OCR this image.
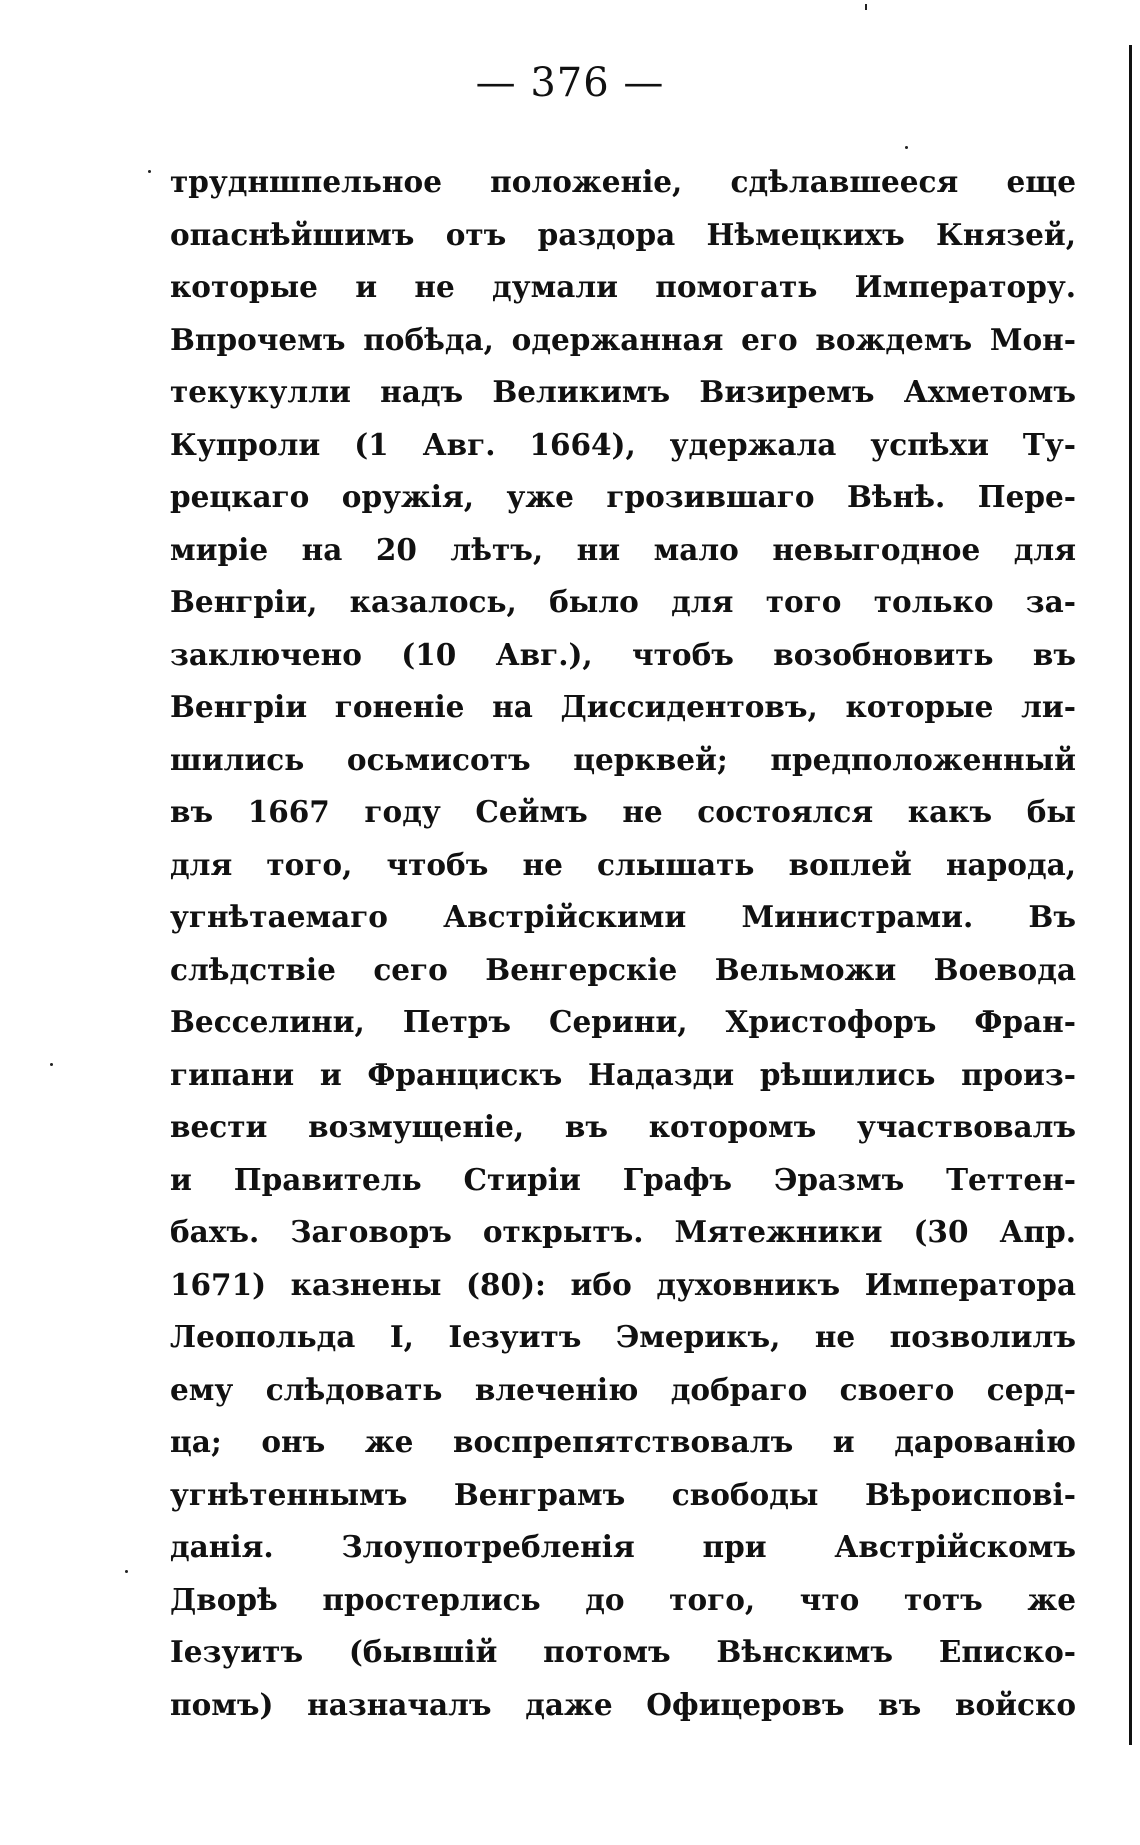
— 376 —
трудншпельное положеніе, сдѣлавшееся еще
опаснѣйшимъ отъ раздора Нѣмецкихъ Князей,
которые и не думали помогать Императору.
Впрочемъ побѣда, одержанная его вождемъ Мон-
текукулли надъ Великимъ Визиремъ Ахметомъ
Купроли (1 Авг. 1664), удержала успѣхи Ту-
рецкаго оружія, уже грозившаго Вѣнѣ. Пере-
миріе на 20 лѣтъ, ни мало невыгодное для
Венгріи, казалось, было для того только за-
заключено (10 Авг.), чтобъ возобновить въ
Венгріи гоненіе на Диссидентовъ, которые ли-
шились осьмисотъ церквей; предположенный
въ 1667 году Сеймъ не состоялся какъ бы
для того, чтобъ не слышать воплей народа,
угнѣтаемаго Австрійскими Министрами. Въ
слѣдствіе сего Венгерскіе Вельможи Воевода
Весселини, Петръ Серини, Христофоръ Фран-
гипани и Францискъ Надазди рѣшились произ-
вести возмущеніе, въ которомъ участвовалъ
и Правитель Стиріи Графъ Эразмъ Теттен-
бахъ. Заговоръ открытъ. Мятежники (30 Апр.
1671) казнены (80): ибо духовникъ Императора
Леопольда I, Іезуитъ Эмерикъ, не позволилъ
ему слѣдовать влеченію добраго своего серд-
ца; онъ же воспрепятствовалъ и дарованію
угнѣтеннымъ Венграмъ свободы Вѣроиспові-
данія. Злоупотребленія при Австрійскомъ
Дворѣ простерлись до того, что тотъ же
Іезуитъ (бывшій потомъ Вѣнскимъ Еписко-
помъ) назначалъ даже Офицеровъ въ войско
